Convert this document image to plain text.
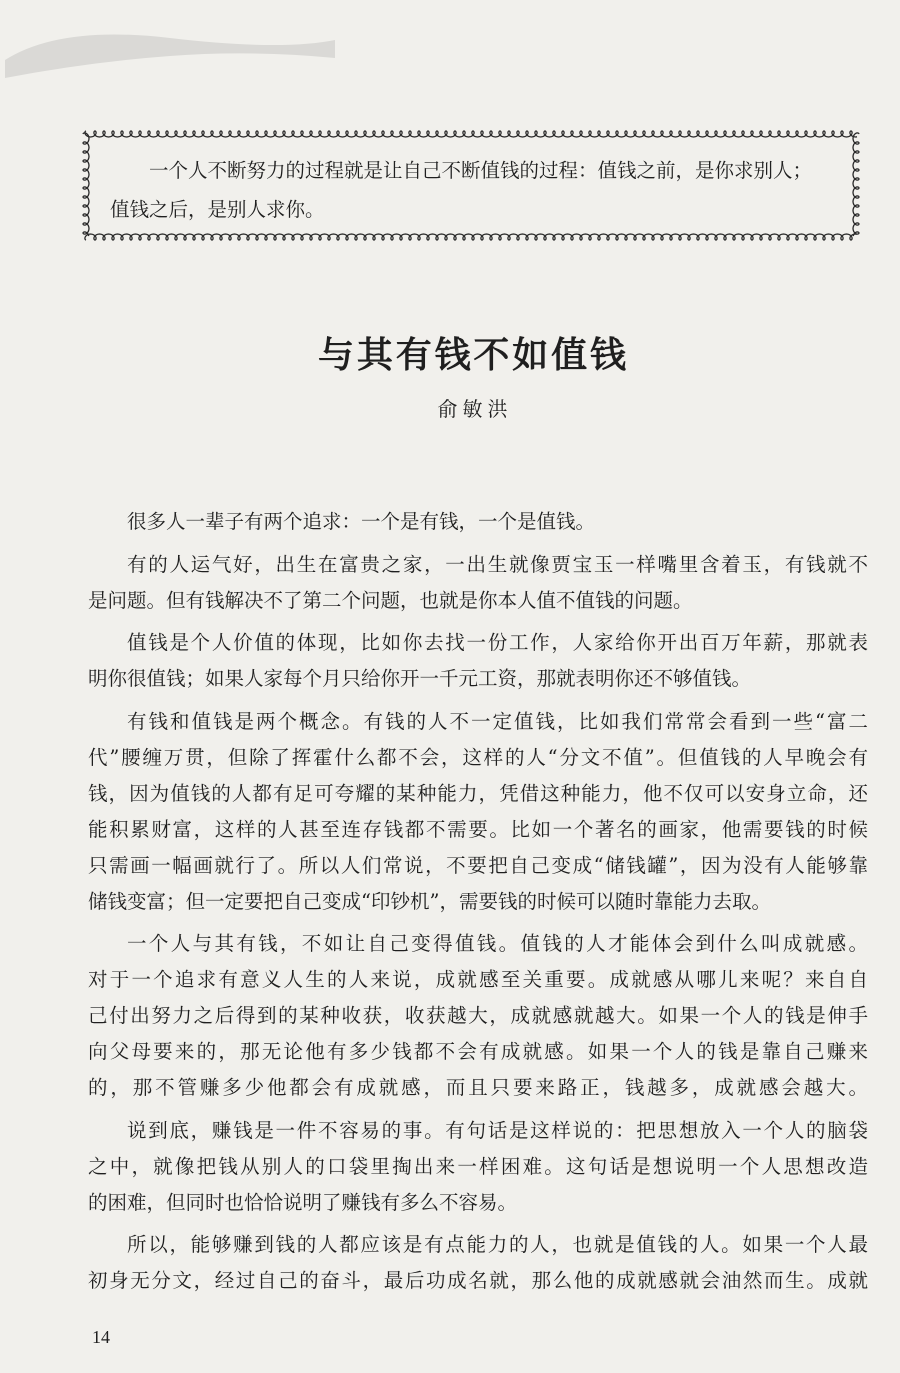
一个人不断努力的过程就是让自己不断值钱的过程：值钱之前，是你求别人；
值钱之后，是别人求你。
与其有钱不如值钱
俞敏洪
很多人一辈子有两个追求：一个是有钱，一个是值钱。
有的人运气好，出生在富贵之家，一出生就像贾宝玉一样嘴里含着玉，有钱就不
是问题。但有钱解决不了第二个问题，也就是你本人值不值钱的问题。
值钱是个人价值的体现，比如你去找一份工作，人家给你开出百万年薪，那就表
明你很值钱；如果人家每个月只给你开一千元工资，那就表明你还不够值钱。
有钱和值钱是两个概念。有钱的人不一定值钱，比如我们常常会看到一些“富二
代”腰缠万贯，但除了挥霍什么都不会，这样的人“分文不值”。但值钱的人早晚会有
钱，因为值钱的人都有足可夸耀的某种能力，凭借这种能力，他不仅可以安身立命，还
能积累财富，这样的人甚至连存钱都不需要。比如一个著名的画家，他需要钱的时候
只需画一幅画就行了。所以人们常说，不要把自己变成“储钱罐”，因为没有人能够靠
储钱变富；但一定要把自己变成“印钞机”，需要钱的时候可以随时靠能力去取。
一个人与其有钱，不如让自己变得值钱。值钱的人才能体会到什么叫成就感。
对于一个追求有意义人生的人来说，成就感至关重要。成就感从哪儿来呢？来自自
己付出努力之后得到的某种收获，收获越大，成就感就越大。如果一个人的钱是伸手
向父母要来的，那无论他有多少钱都不会有成就感。如果一个人的钱是靠自己赚来
的，那不管赚多少他都会有成就感，而且只要来路正，钱越多，成就感会越大。
说到底，赚钱是一件不容易的事。有句话是这样说的：把思想放入一个人的脑袋
之中，就像把钱从别人的口袋里掏出来一样困难。这句话是想说明一个人思想改造
的困难，但同时也恰恰说明了赚钱有多么不容易。
所以，能够赚到钱的人都应该是有点能力的人，也就是值钱的人。如果一个人最
初身无分文，经过自己的奋斗，最后功成名就，那么他的成就感就会油然而生。成就
14
